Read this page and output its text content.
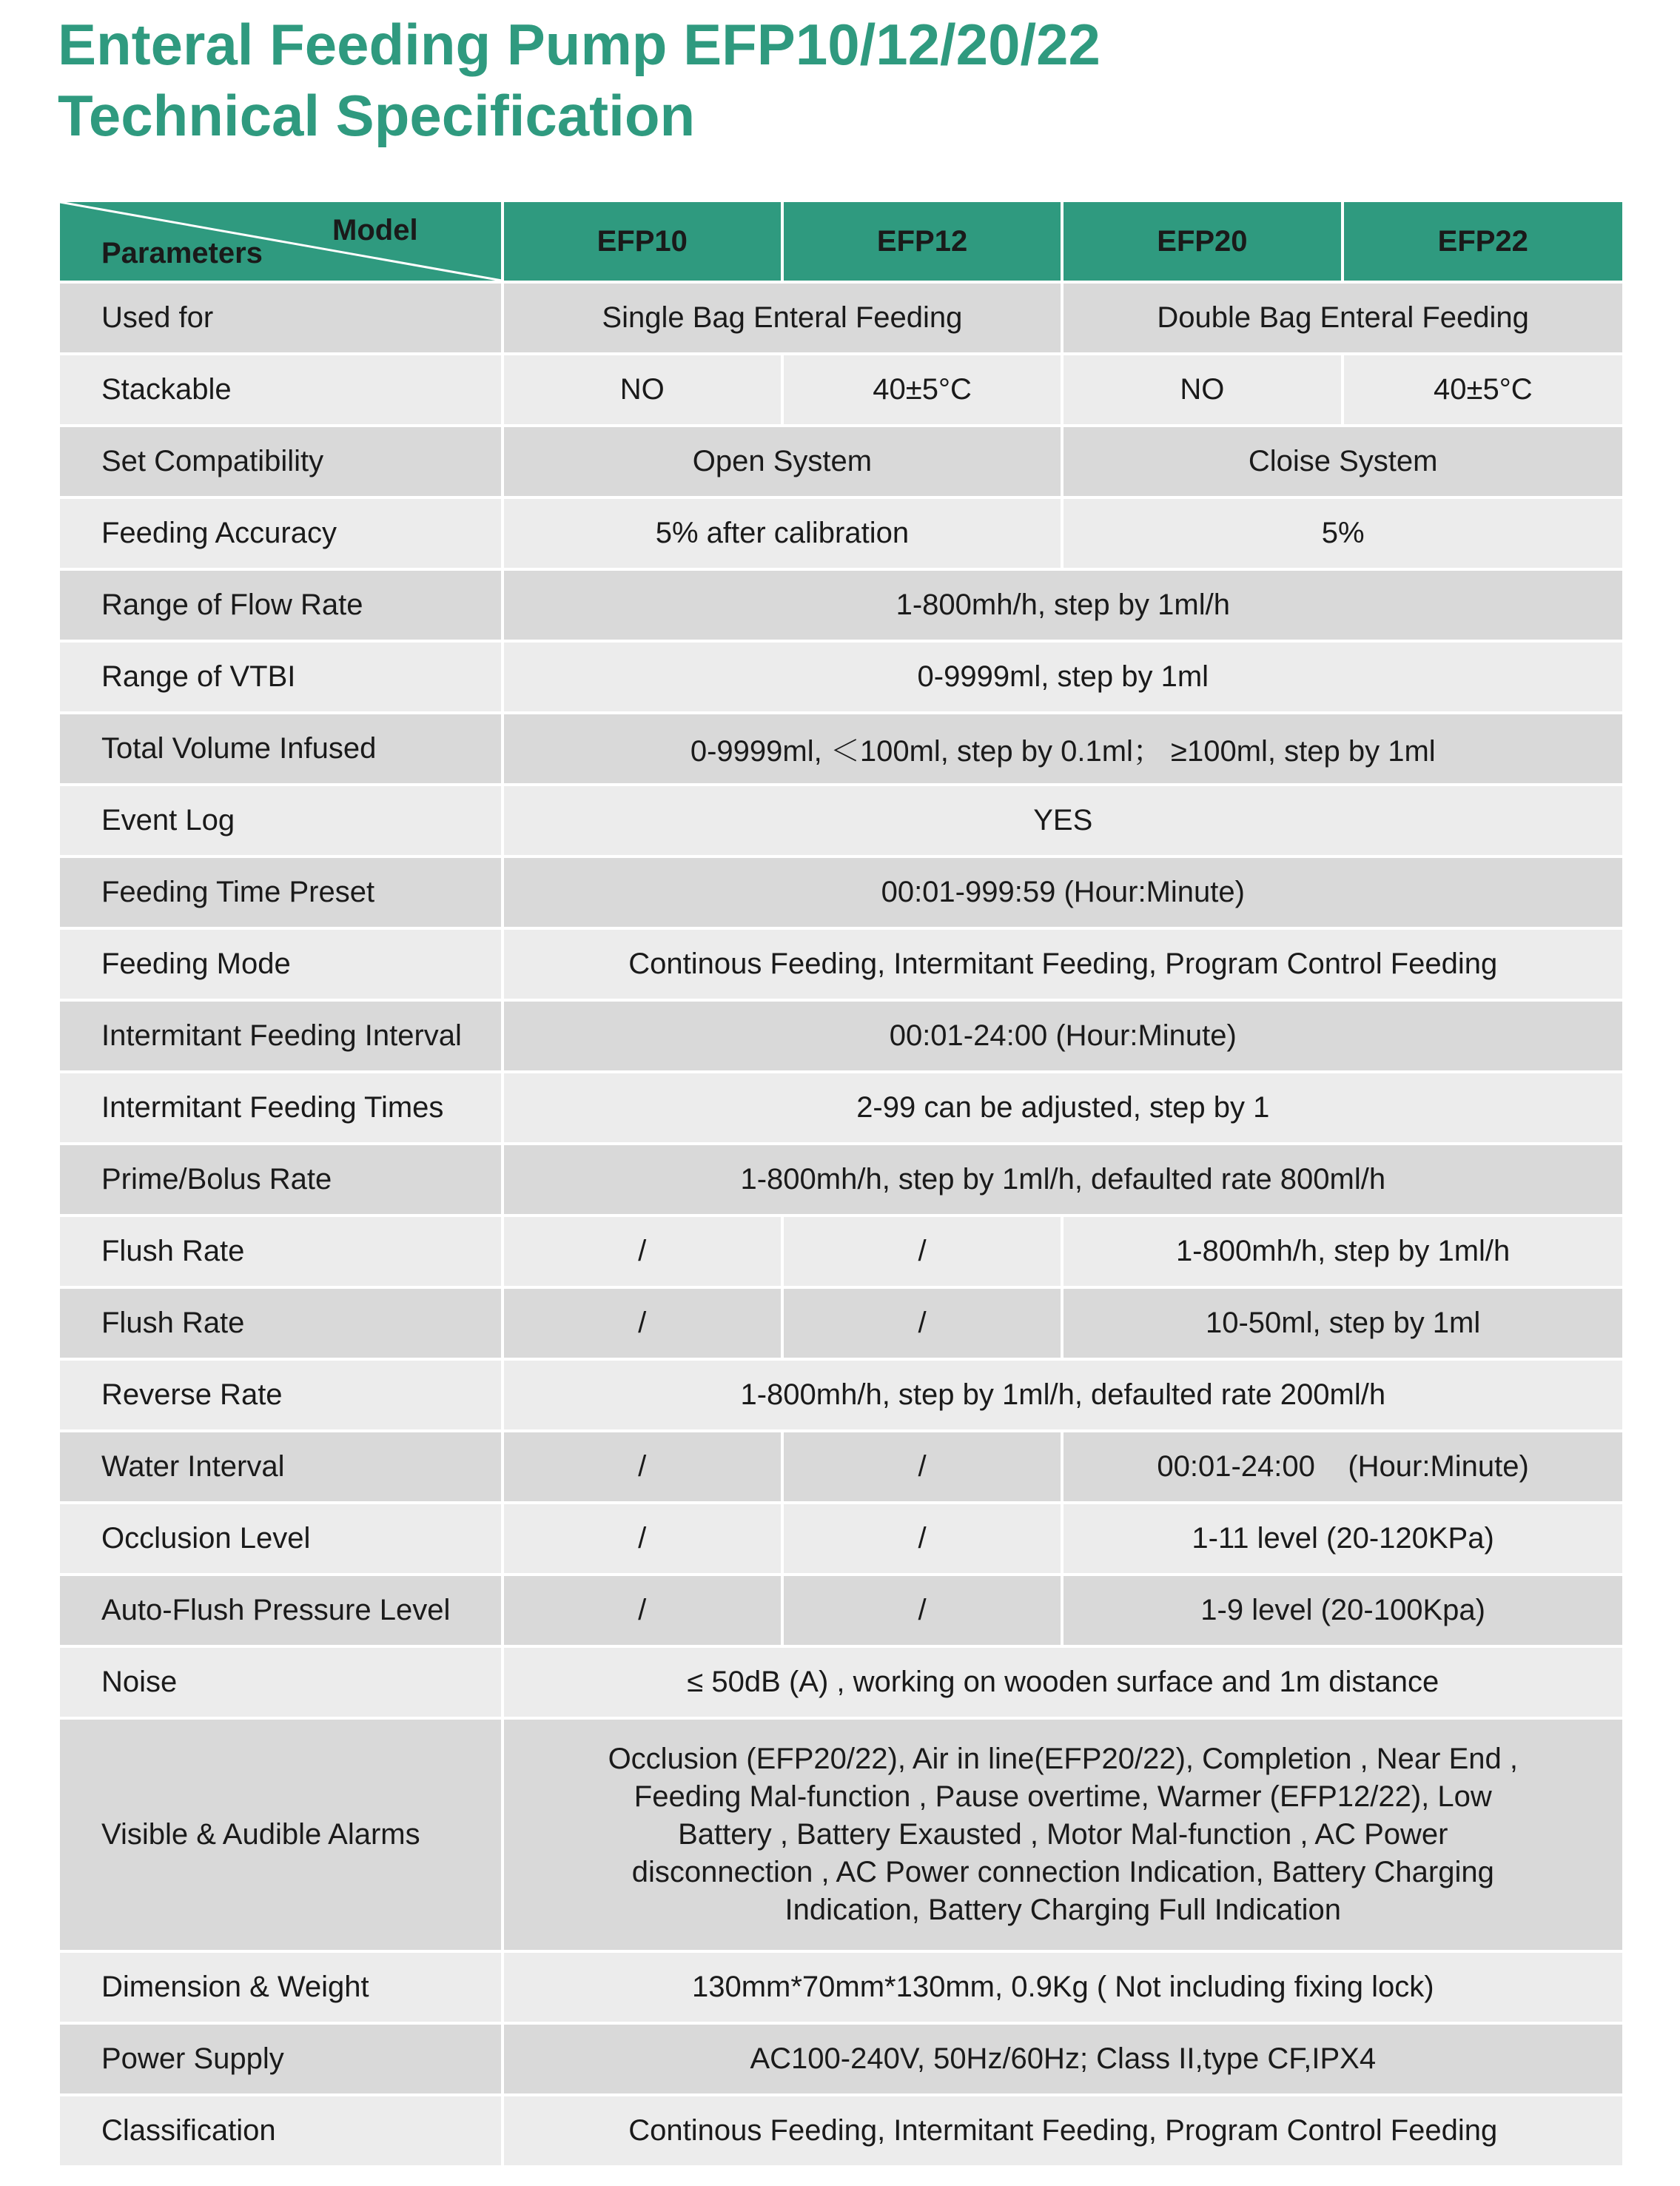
Enteral Feeding Pump EFP10/12/20/22
Technical Specification
Model
Parameters	EFP10	EFP12	EFP20	EFP22
Used for	Single Bag Enteral Feeding		Double Bag Enteral Feeding	
Stackable	NO	40±5°C	NO	40±5°C
Set Compatibility	Open System		Cloise System	
Feeding Accuracy	5% after calibration		5%	
Range of Flow Rate	1-800mh/h, step by 1ml/h			
Range of VTBI	0-9999ml, step by 1ml			
Total Volume Infused	0-9999ml, ＜100ml, step by 0.1ml； ≥100ml, step by 1ml			
Event Log	YES			
Feeding Time Preset	00:01-999:59 (Hour:Minute)			
Feeding Mode	Continous Feeding, Intermitant Feeding, Program Control Feeding			
Intermitant Feeding Interval	00:01-24:00 (Hour:Minute)			
Intermitant Feeding Times	2-99 can be adjusted, step by 1			
Prime/Bolus Rate	1-800mh/h, step by 1ml/h, defaulted rate 800ml/h			
Flush Rate	/	/	1-800mh/h, step by 1ml/h	
Flush Rate	/	/	10-50ml, step by 1ml	
Reverse Rate	1-800mh/h, step by 1ml/h, defaulted rate 200ml/h			
Water Interval	/	/	00:01-24:00    (Hour:Minute)	
Occlusion Level	/	/	1-11 level (20-120KPa)	
Auto-Flush Pressure Level	/	/	1-9 level (20-100Kpa)	
Noise	≤ 50dB (A) , working on wooden surface and 1m distance			
Visible & Audible Alarms	Occlusion (EFP20/22), Air in line(EFP20/22), Completion , Near End , Feeding Mal-function , Pause overtime, Warmer (EFP12/22), Low Battery , Battery Exausted , Motor Mal-function , AC Power disconnection , AC Power connection Indication, Battery Charging Indication, Battery Charging Full Indication			

Dimension & Weight	130mm*70mm*130mm, 0.9Kg ( Not including fixing lock)			
Power Supply	AC100-240V, 50Hz/60Hz; Class II,type CF,IPX4			
Classification	Continous Feeding, Intermitant Feeding, Program Control Feeding			
